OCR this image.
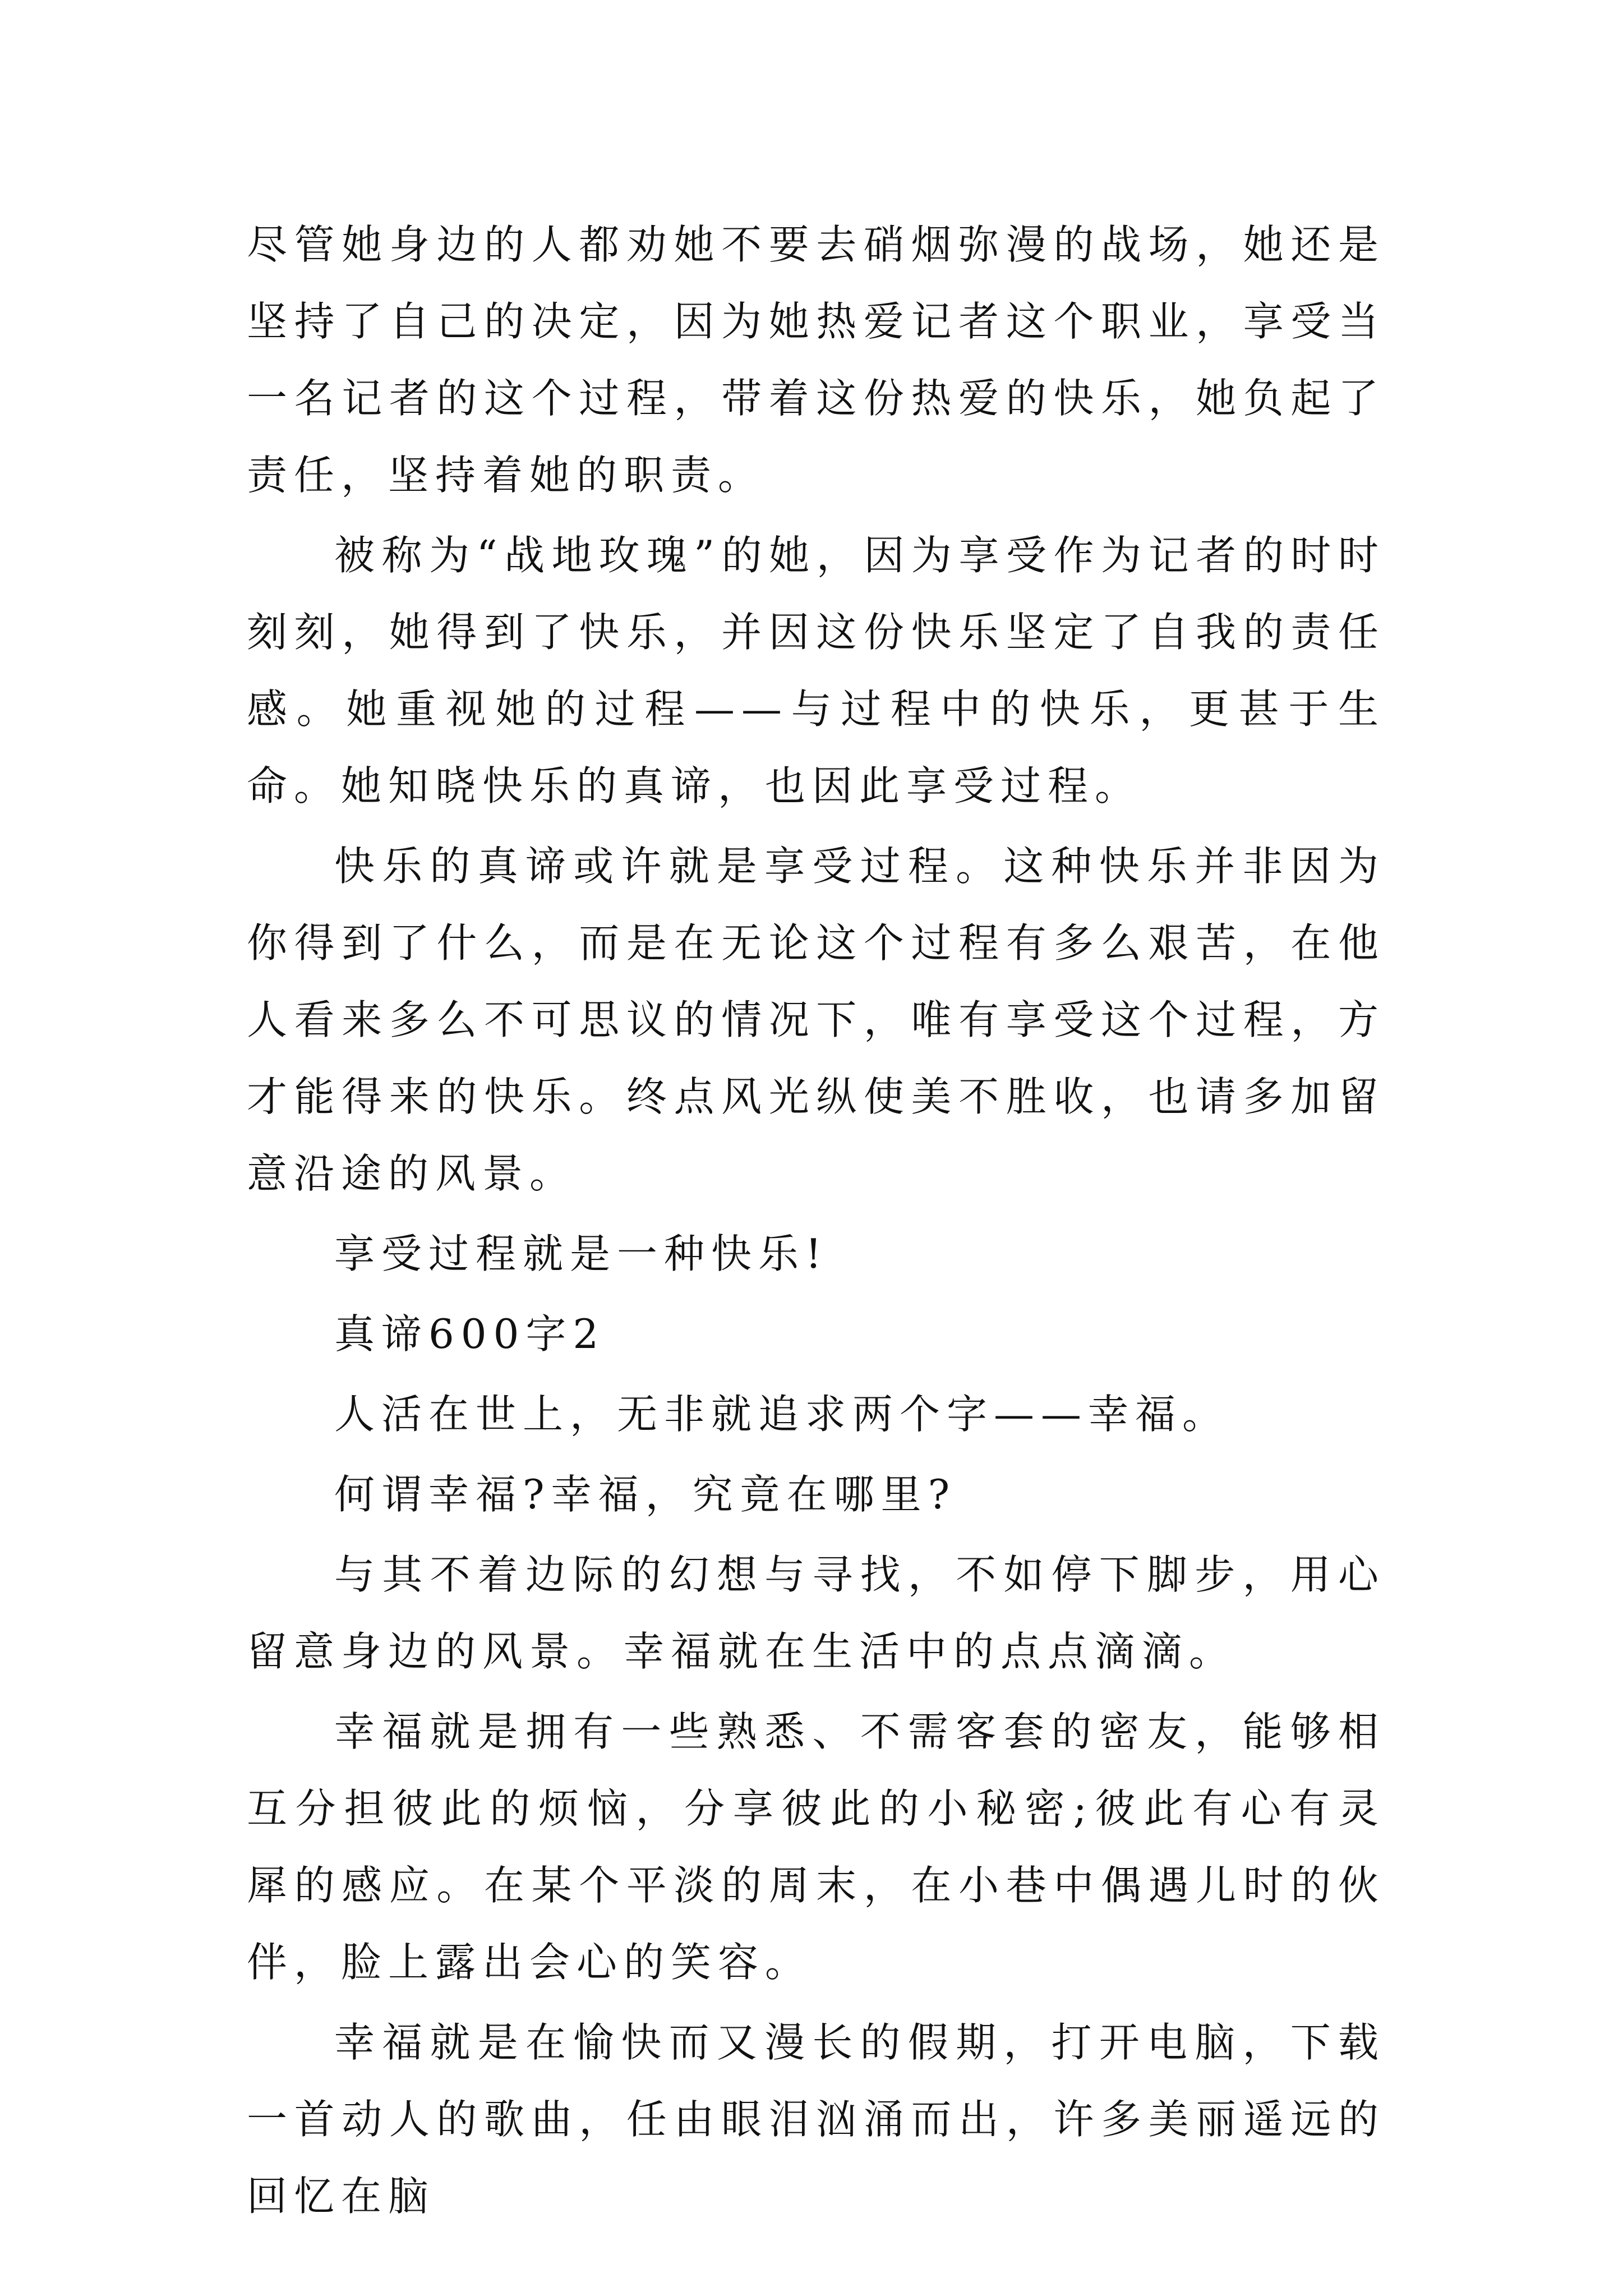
尽管她身边的人都劝她不要去硝烟弥漫的战场，她还是坚持了自己的决定，因为她热爱记者这个职业，享受当一名记者的这个过程，带着这份热爱的快乐，她负起了责任，坚持着她的职责。

被称为“战地玫瑰”的她，因为享受作为记者的时时刻刻，她得到了快乐，并因这份快乐坚定了自我的责任感。她重视她的过程——与过程中的快乐，更甚于生命。她知晓快乐的真谛，也因此享受过程。

快乐的真谛或许就是享受过程。这种快乐并非因为你得到了什么，而是在无论这个过程有多么艰苦，在他人看来多么不可思议的情况下，唯有享受这个过程，方才能得来的快乐。终点风光纵使美不胜收，也请多加留意沿途的风景。

享受过程就是一种快乐!

真谛600字2

人活在世上，无非就追求两个字——幸福。

何谓幸福?幸福，究竟在哪里?

与其不着边际的幻想与寻找，不如停下脚步，用心留意身边的风景。幸福就在生活中的点点滴滴。

幸福就是拥有一些熟悉、不需客套的密友，能够相互分担彼此的烦恼，分享彼此的小秘密;彼此有心有灵犀的感应。在某个平淡的周末，在小巷中偶遇儿时的伙伴，脸上露出会心的笑容。

幸福就是在愉快而又漫长的假期，打开电脑，下载一首动人的歌曲，任由眼泪汹涌而出，许多美丽遥远的回忆在脑
